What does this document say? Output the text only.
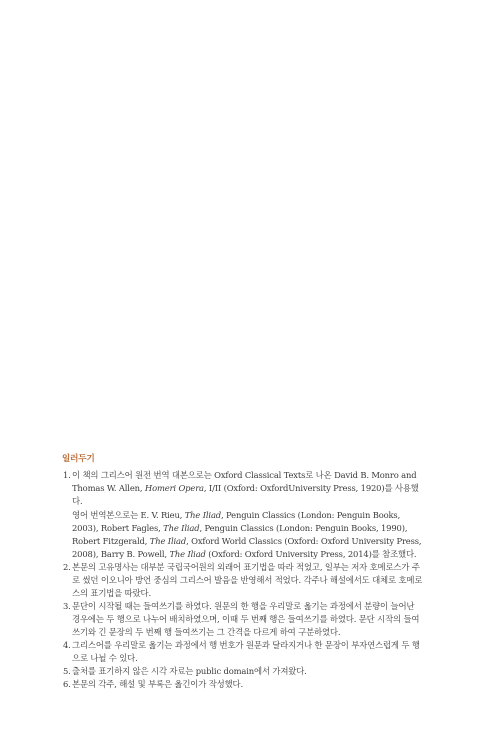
일러두기
1. 이 책의 그리스어 원전 번역 대본으로는 Oxford Classical Texts로 나온 David B. Monro and Thomas W. Allen, Homeri Opera, I/II (Oxford: OxfordUniversity Press, 1920)를 사용했다.

영어 번역본으로는 E. V. Rieu, The Iliad, Penguin Classics (London: Penguin Books, 2003), Robert Fagles, The Iliad, Penguin Classics (London: Penguin Books, 1990), Robert Fitzgerald, The Iliad, Oxford World Classics (Oxford: Oxford University Press, 2008), Barry B. Powell, The Iliad (Oxford: Oxford University Press, 2014)를 참조했다.

2. 본문의 고유명사는 대부분 국립국어원의 외래어 표기법을 따라 적었고, 일부는 저자 호메로스가 주로 썼던 이오니아 방언 중심의 그리스어 발음을 반영해서 적었다. 각주나 해설에서도 대체로 호메로스의 표기법을 따랐다.
3. 문단이 시작될 때는 들여쓰기를 하였다. 원문의 한 행을 우리말로 옮기는 과정에서 분량이 늘어난 경우에는 두 행으로 나누어 배치하였으며, 이때 두 번째 행은 들여쓰기를 하였다. 문단 시작의 들여쓰기와 긴 문장의 두 번째 행 들여쓰기는 그 간격을 다르게 하여 구분하였다.
4. 그리스어를 우리말로 옮기는 과정에서 행 번호가 원문과 달라지거나 한 문장이 부자연스럽게 두 행으로 나뉠 수 있다.
5. 출처를 표기하지 않은 시각 자료는 public domain에서 가져왔다.
6. 본문의 각주, 해설 및 부록은 옮긴이가 작성했다.
